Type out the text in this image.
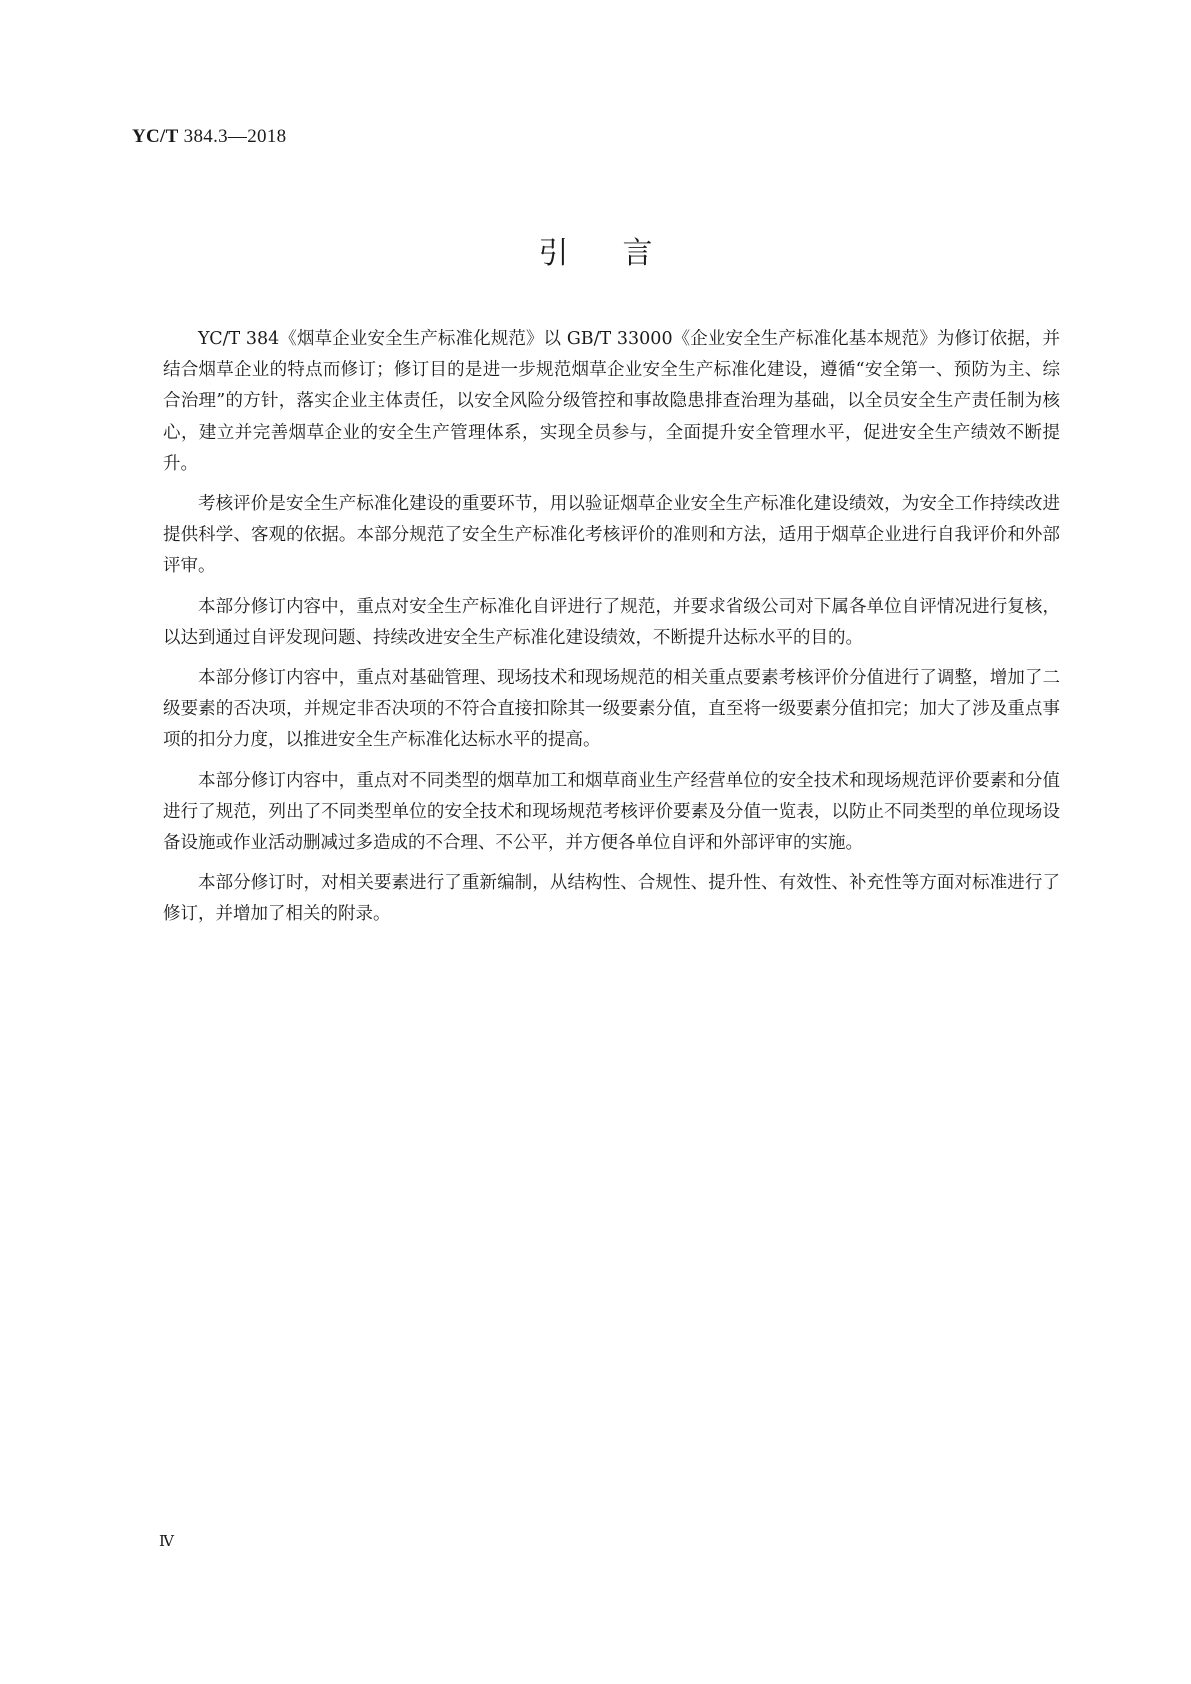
YC/T 384.3—2018
引言

YC/T 384《烟草企业安全生产标准化规范》以 GB/T 33000《企业安全生产标准化基本规范》为修订依据，并结合烟草企业的特点而修订；修订目的是进一步规范烟草企业安全生产标准化建设，遵循“安全第一、预防为主、综合治理”的方针，落实企业主体责任，以安全风险分级管控和事故隐患排查治理为基础，以全员安全生产责任制为核心，建立并完善烟草企业的安全生产管理体系，实现全员参与，全面提升安全管理水平，促进安全生产绩效不断提升。

考核评价是安全生产标准化建设的重要环节，用以验证烟草企业安全生产标准化建设绩效，为安全工作持续改进提供科学、客观的依据。本部分规范了安全生产标准化考核评价的准则和方法，适用于烟草企业进行自我评价和外部评审。

本部分修订内容中，重点对安全生产标准化自评进行了规范，并要求省级公司对下属各单位自评情况进行复核，以达到通过自评发现问题、持续改进安全生产标准化建设绩效，不断提升达标水平的目的。

本部分修订内容中，重点对基础管理、现场技术和现场规范的相关重点要素考核评价分值进行了调整，增加了二级要素的否决项，并规定非否决项的不符合直接扣除其一级要素分值，直至将一级要素分值扣完；加大了涉及重点事项的扣分力度，以推进安全生产标准化达标水平的提高。

本部分修订内容中，重点对不同类型的烟草加工和烟草商业生产经营单位的安全技术和现场规范评价要素和分值进行了规范，列出了不同类型单位的安全技术和现场规范考核评价要素及分值一览表，以防止不同类型的单位现场设备设施或作业活动删减过多造成的不合理、不公平，并方便各单位自评和外部评审的实施。

本部分修订时，对相关要素进行了重新编制，从结构性、合规性、提升性、有效性、补充性等方面对标准进行了修订，并增加了相关的附录。

Ⅳ
